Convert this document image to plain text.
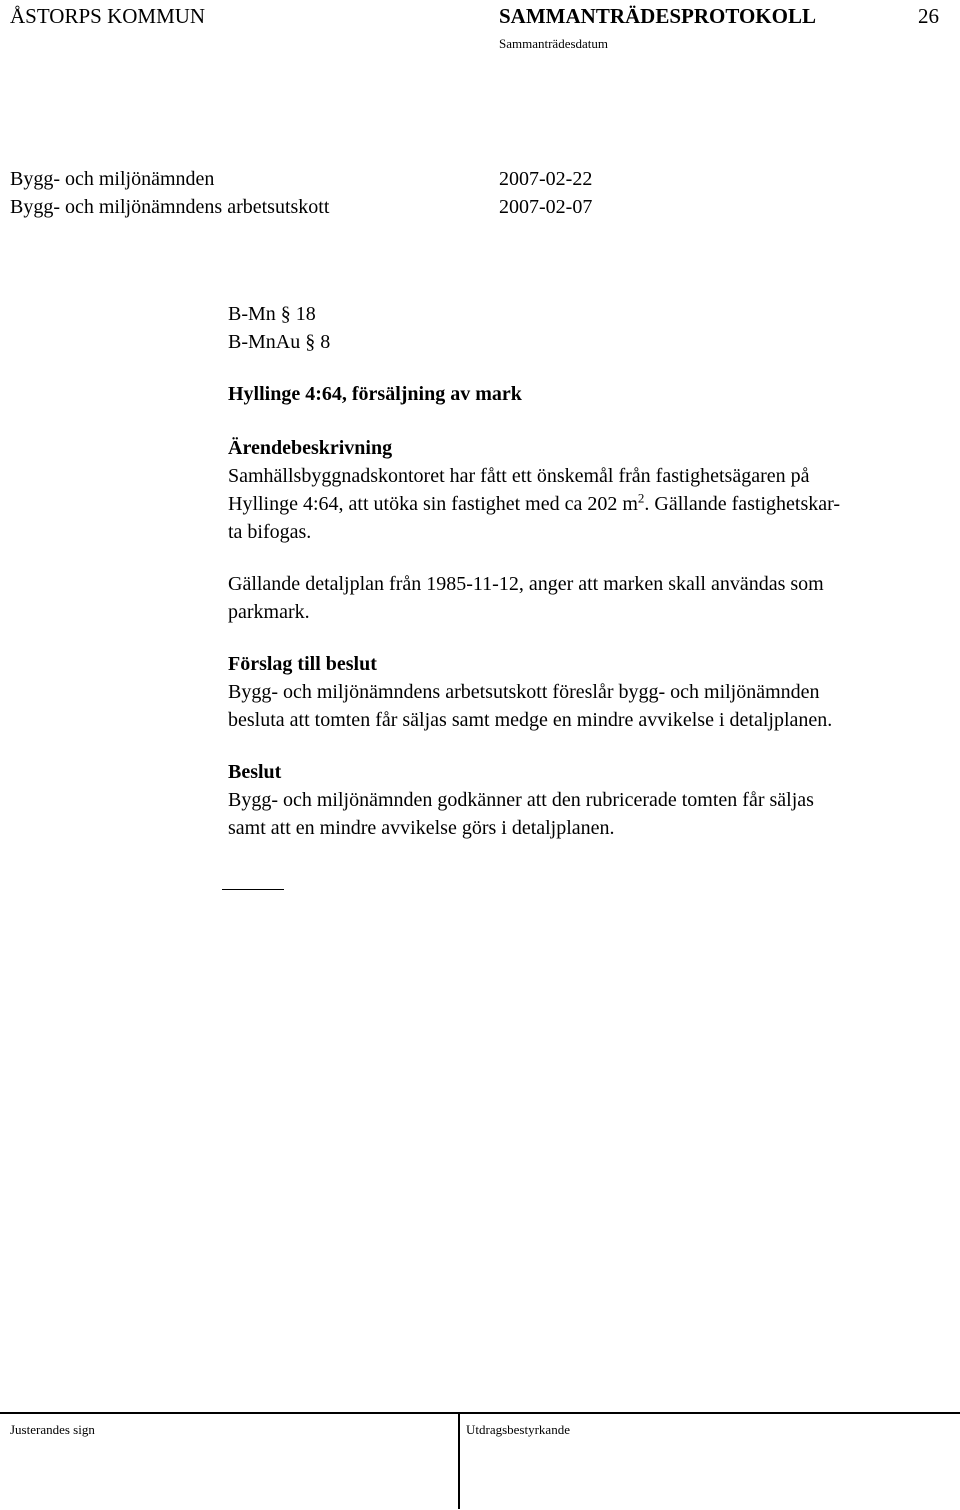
ÅSTORPS KOMMUN	SAMMANTRÄDESPROTOKOLL	26
Sammanträdesdatum
Bygg- och miljönämnden	2007-02-22
Bygg- och miljönämndens arbetsutskott	2007-02-07
B-Mn § 18
B-MnAu § 8
Hyllinge 4:64, försäljning av mark
Ärendebeskrivning
Samhällsbyggnadskontoret har fått ett önskemål från fastighetsägaren på
Hyllinge 4:64, att utöka sin fastighet med ca 202 $m^2$. Gällande fastighetskar-
ta bifogas.
Gällande detaljplan från 1985-11-12, anger att marken skall användas som
parkmark.
Förslag till beslut
Bygg- och miljönämndens arbetsutskott föreslår bygg- och miljönämnden
besluta att tomten får säljas samt medge en mindre avvikelse i detaljplanen.
Beslut
Bygg- och miljönämnden godkänner att den rubricerade tomten får säljas
samt att en mindre avvikelse görs i detaljplanen.
Justerandes sign	Utdragsbestyrkande
